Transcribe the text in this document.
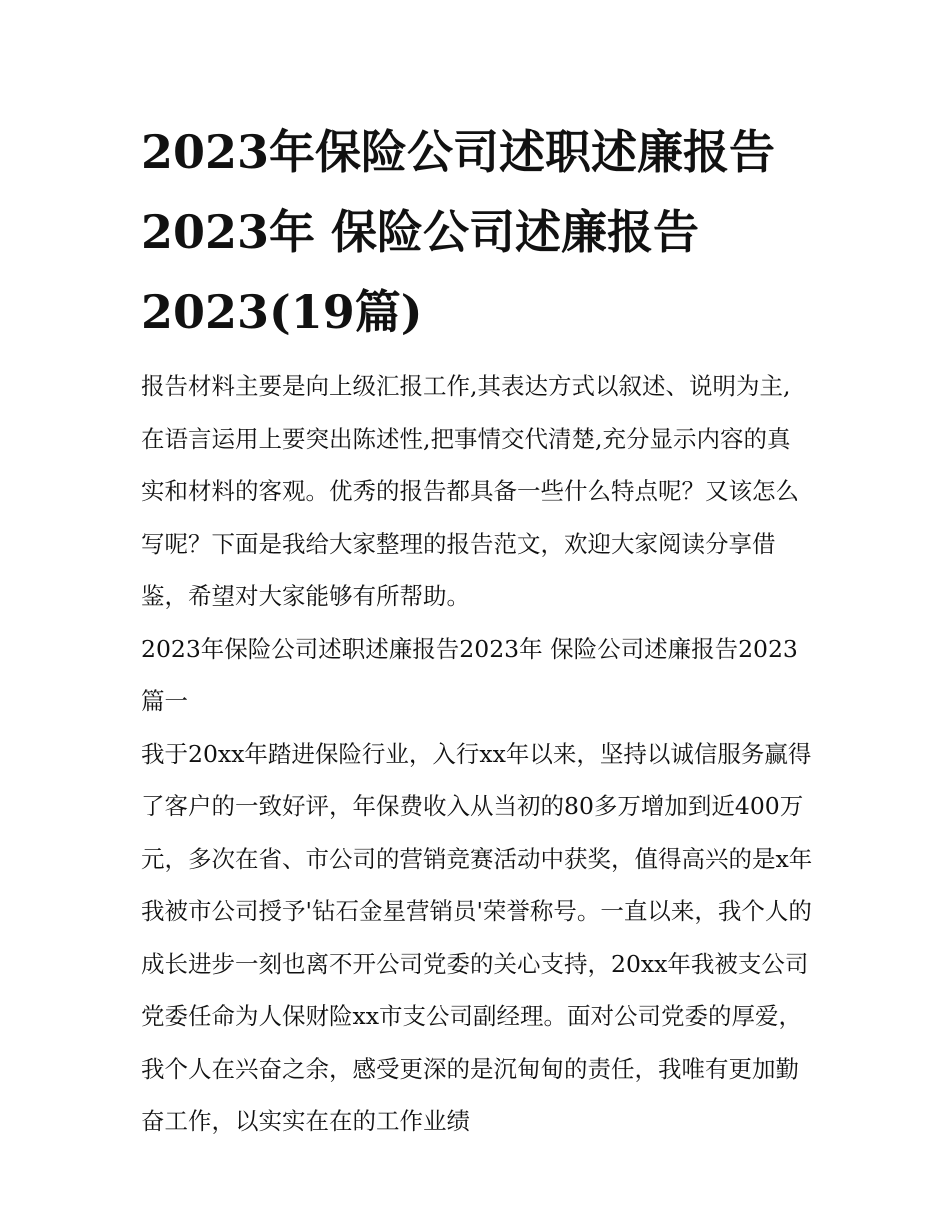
2023年保险公司述职述廉报告
2023年 保险公司述廉报告
2023(19篇)

报告材料主要是向上级汇报工作,其表达方式以叙述、说明为主,在语言运用上要突出陈述性,把事情交代清楚,充分显示内容的真实和材料的客观。优秀的报告都具备一些什么特点呢？又该怎么写呢？下面是我给大家整理的报告范文，欢迎大家阅读分享借鉴，希望对大家能够有所帮助。

2023年保险公司述职述廉报告2023年 保险公司述廉报告2023篇一

我于20xx年踏进保险行业，入行xx年以来，坚持以诚信服务赢得了客户的一致好评，年保费收入从当初的80多万增加到近400万元，多次在省、市公司的营销竞赛活动中获奖，值得高兴的是x年我被市公司授予'钻石金星营销员'荣誉称号。一直以来，我个人的成长进步一刻也离不开公司党委的关心支持，20xx年我被支公司党委任命为人保财险xx市支公司副经理。面对公司党委的厚爱，我个人在兴奋之余，感受更深的是沉甸甸的责任，我唯有更加勤奋工作，以实实在在的工作业绩
